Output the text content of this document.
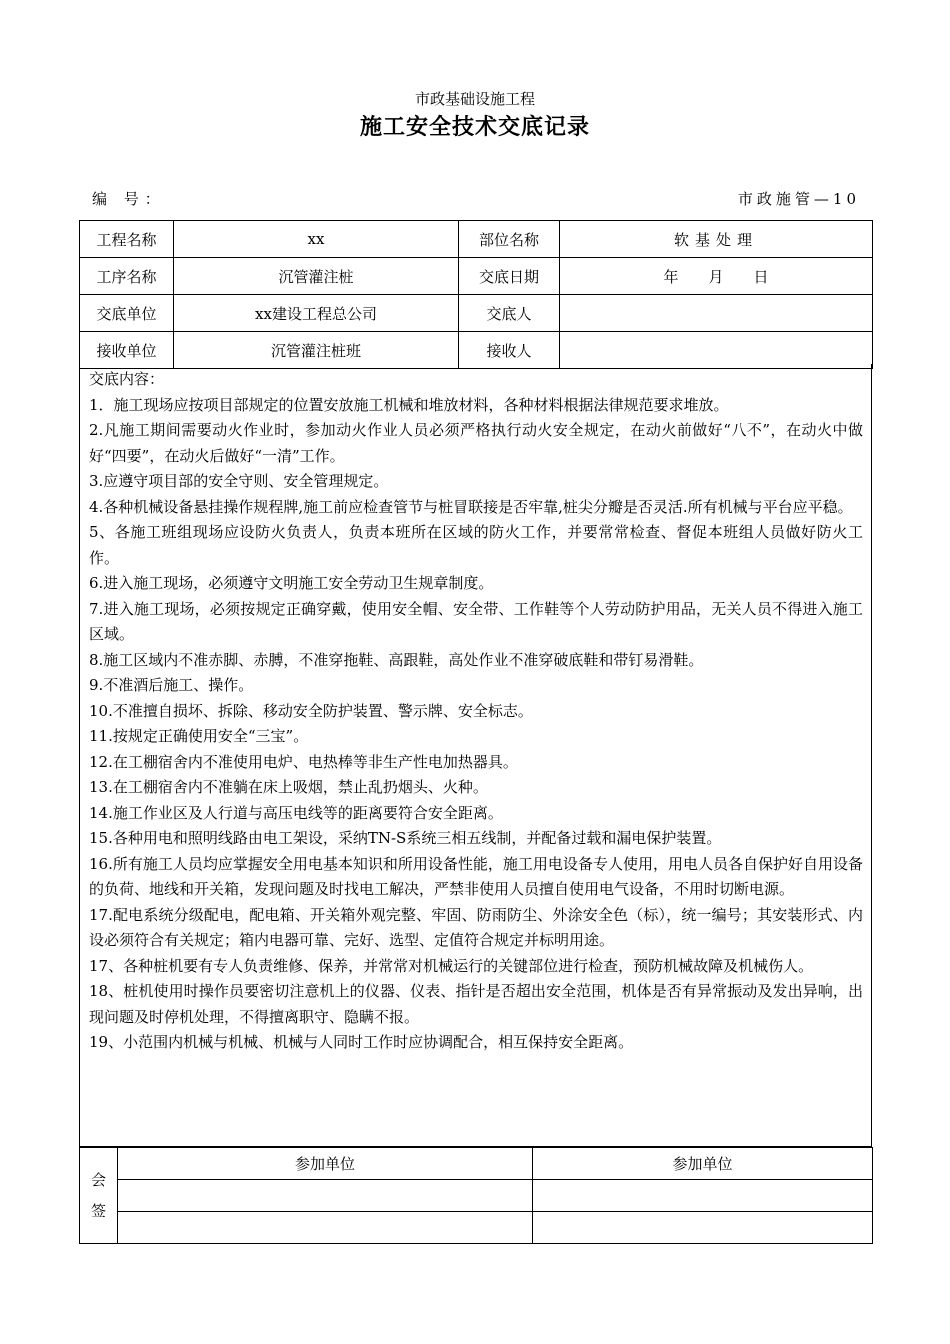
市政基础设施工程
施工安全技术交底记录
编 号：	市政施管—10
工程名称	xx	部位名称	软基处理
工序名称	沉管灌注桩	交底日期	年 月 日
交底单位	xx建设工程总公司	交底人	
接收单位	沉管灌注桩班	接收人	

交底内容：

1．施工现场应按项目部规定的位置安放施工机械和堆放材料，各种材料根据法律规范要求堆放。

2.凡施工期间需要动火作业时，参加动火作业人员必须严格执行动火安全规定，在动火前做好“八不”，在动火中做好“四要”，在动火后做好“一清”工作。

3.应遵守项目部的安全守则、安全管理规定。

4.各种机械设备悬挂操作规程牌,施工前应检查管节与桩冒联接是否牢靠,桩尖分瓣是否灵活.所有机械与平台应平稳。

5、各施工班组现场应设防火负责人，负责本班所在区域的防火工作，并要常常检查、督促本班组人员做好防火工作。

6.进入施工现场，必须遵守文明施工安全劳动卫生规章制度。

7.进入施工现场，必须按规定正确穿戴，使用安全帽、安全带、工作鞋等个人劳动防护用品，无关人员不得进入施工区域。

8.施工区域内不准赤脚、赤膊，不准穿拖鞋、高跟鞋，高处作业不准穿破底鞋和带钉易滑鞋。

9.不准酒后施工、操作。

10.不准擅自损坏、拆除、移动安全防护装置、警示牌、安全标志。

11.按规定正确使用安全“三宝”。

12.在工棚宿舍内不准使用电炉、电热棒等非生产性电加热器具。

13.在工棚宿舍内不准躺在床上吸烟，禁止乱扔烟头、火种。

14.施工作业区及人行道与高压电线等的距离要符合安全距离。

15.各种用电和照明线路由电工架设，采纳TN-S系统三相五线制，并配备过载和漏电保护装置。

16.所有施工人员均应掌握安全用电基本知识和所用设备性能，施工用电设备专人使用，用电人员各自保护好自用设备的负荷、地线和开关箱，发现问题及时找电工解决，严禁非使用人员擅自使用电气设备，不用时切断电源。

17.配电系统分级配电，配电箱、开关箱外观完整、牢固、防雨防尘、外涂安全色（标），统一编号；其安装形式、内设必须符合有关规定；箱内电器可靠、完好、选型、定值符合规定并标明用途。

17、各种桩机要有专人负责维修、保养，并常常对机械运行的关键部位进行检查，预防机械故障及机械伤人。

18、桩机使用时操作员要密切注意机上的仪器、仪表、指针是否超出安全范围，机体是否有异常振动及发出异响，出现问题及时停机处理，不得擅离职守、隐瞒不报。

19、小范围内机械与机械、机械与人同时工作时应协调配合，相互保持安全距离。

会
签	参加单位	参加单位
